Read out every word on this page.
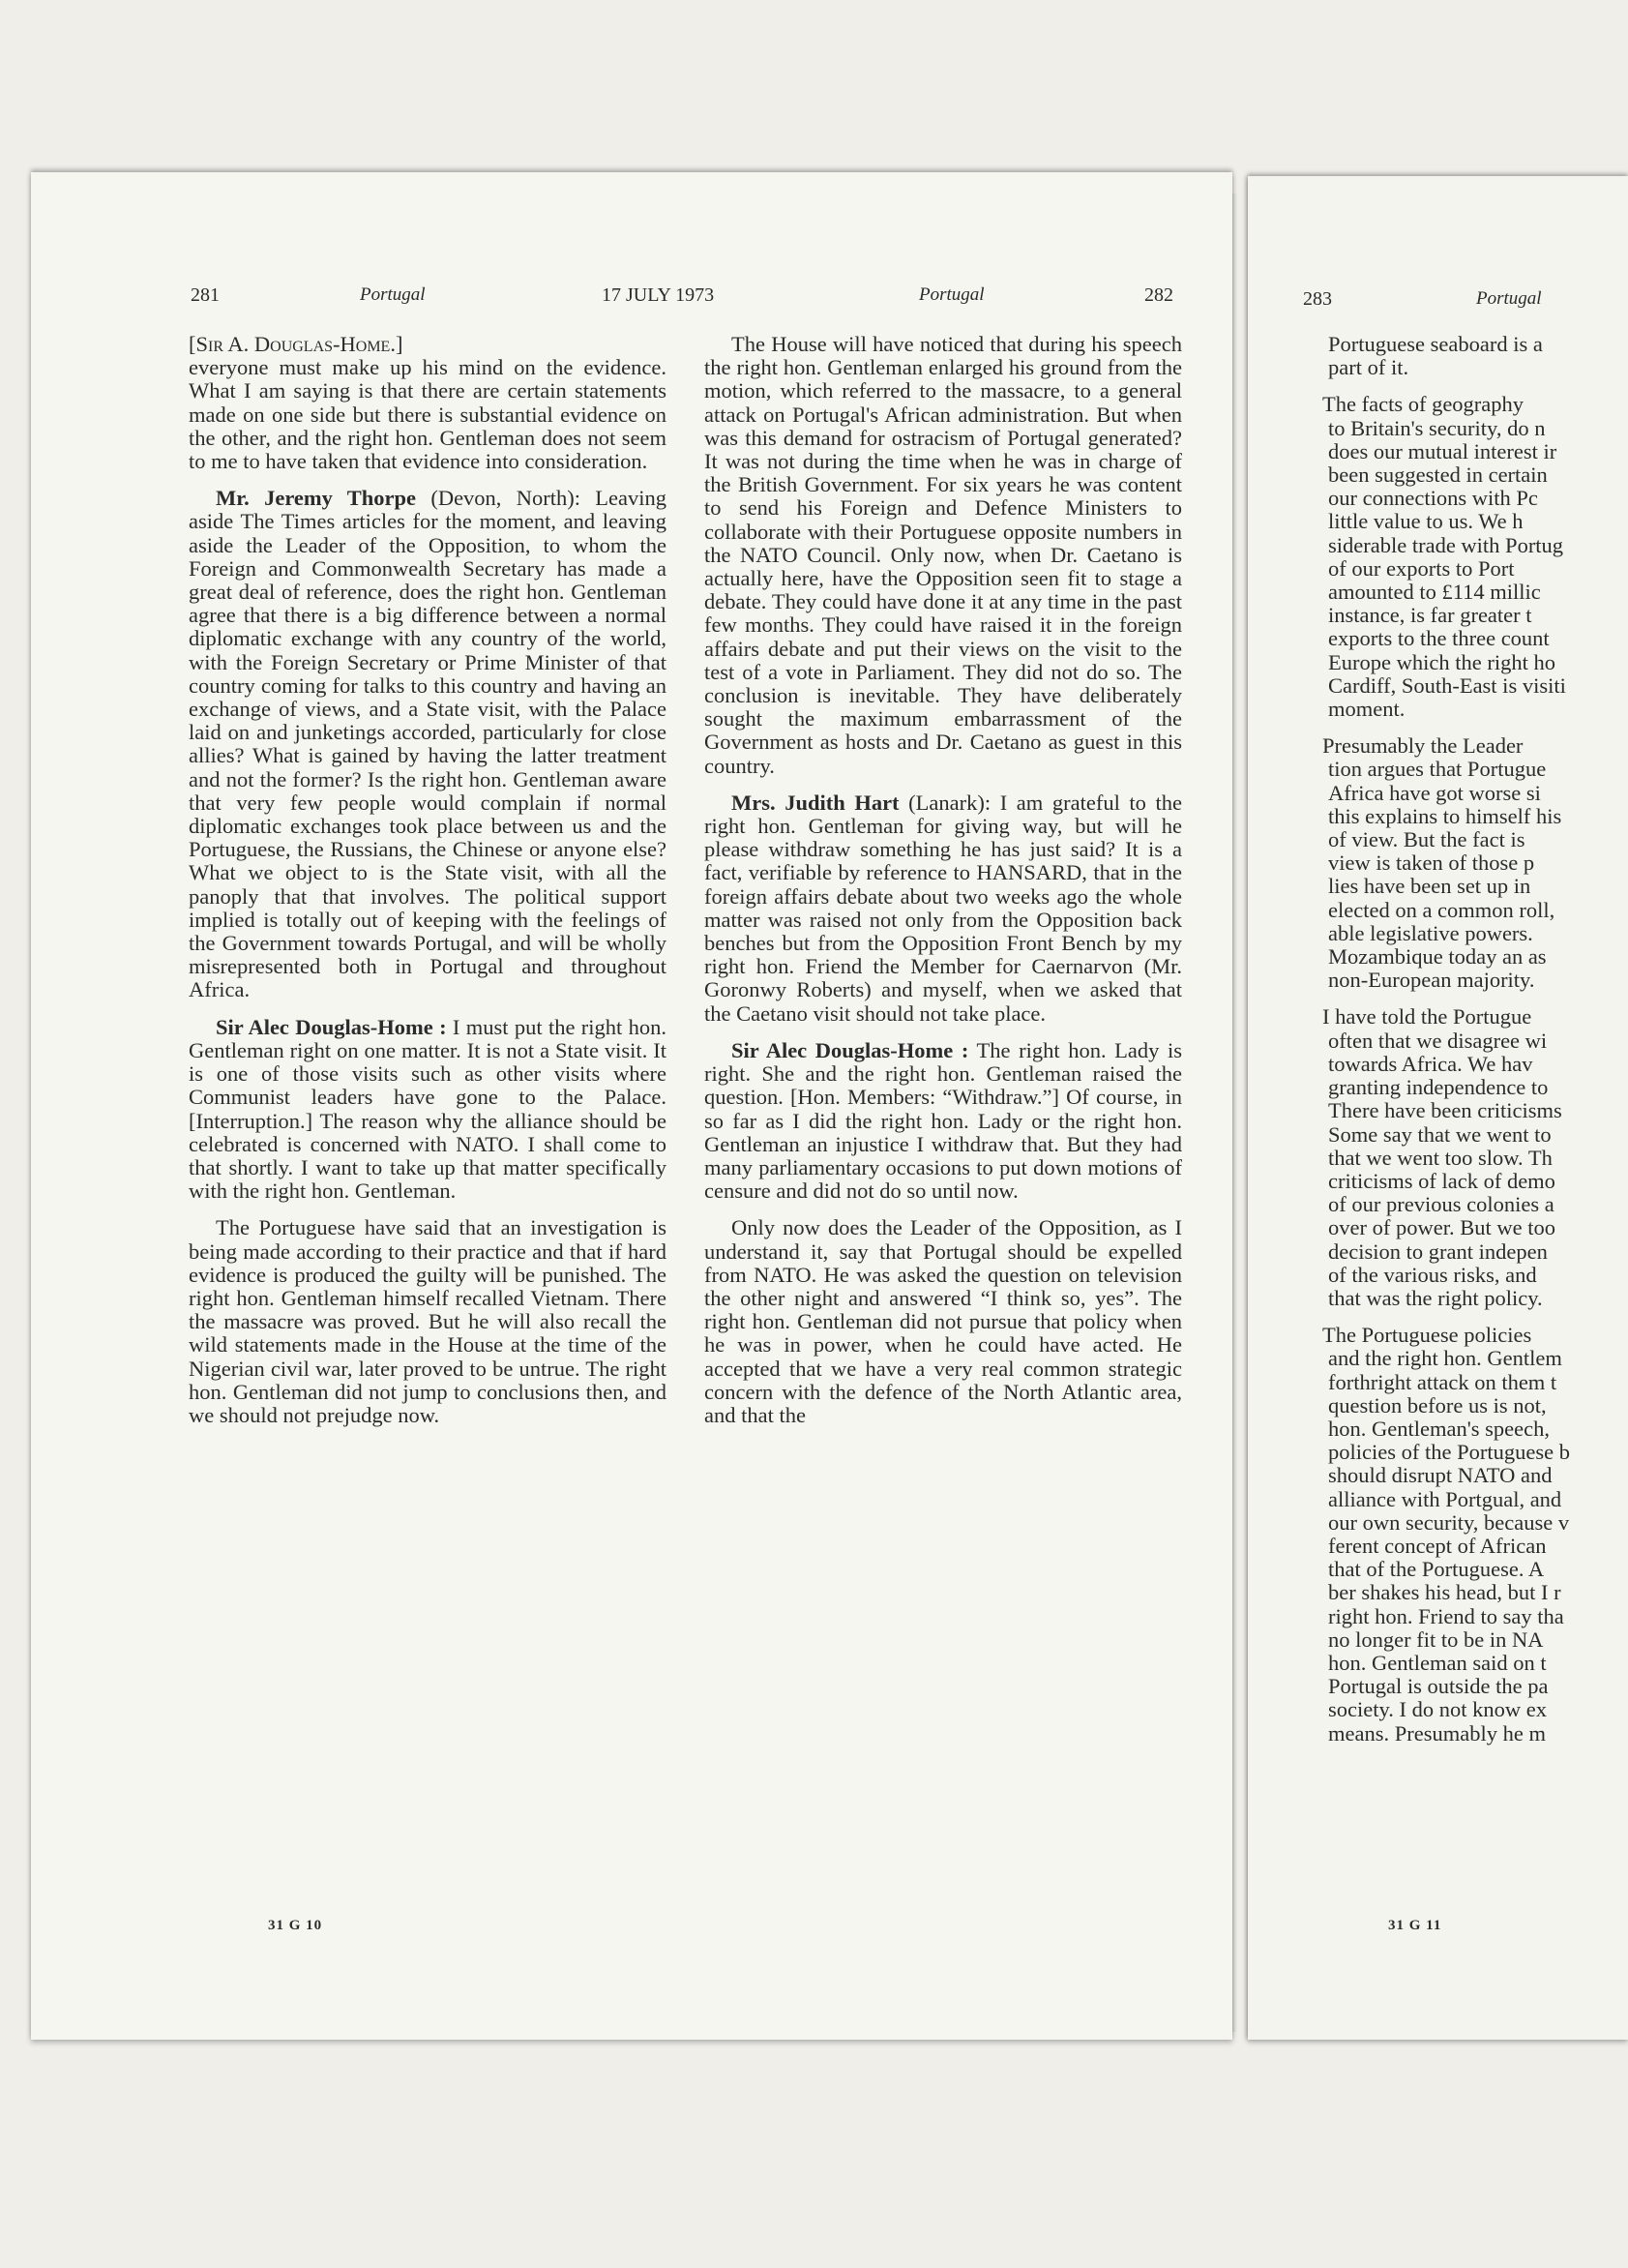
281	Portugal	17 JULY 1973	Portugal	282

[Sir A. Douglas-Home.]

everyone must make up his mind on the evidence. What I am saying is that there are certain statements made on one side but there is substantial evidence on the other, and the right hon. Gentleman does not seem to me to have taken that evidence into consideration.

Mr. Jeremy Thorpe (Devon, North): Leaving aside The Times articles for the moment, and leaving aside the Leader of the Opposition, to whom the Foreign and Commonwealth Secretary has made a great deal of reference, does the right hon. Gentleman agree that there is a big difference between a normal diplomatic exchange with any country of the world, with the Foreign Secretary or Prime Minister of that country coming for talks to this country and having an exchange of views, and a State visit, with the Palace laid on and junketings accorded, particularly for close allies? What is gained by having the latter treatment and not the former? Is the right hon. Gentleman aware that very few people would complain if normal diplomatic exchanges took place between us and the Portuguese, the Russians, the Chinese or anyone else? What we object to is the State visit, with all the panoply that that involves. The political support implied is totally out of keeping with the feelings of the Government towards Portugal, and will be wholly misrepresented both in Portugal and throughout Africa.

Sir Alec Douglas-Home : I must put the right hon. Gentleman right on one matter. It is not a State visit. It is one of those visits such as other visits where Communist leaders have gone to the Palace. [Interruption.] The reason why the alliance should be celebrated is concerned with NATO. I shall come to that shortly. I want to take up that matter specifically with the right hon. Gentleman.

The Portuguese have said that an investigation is being made according to their practice and that if hard evidence is produced the guilty will be punished. The right hon. Gentleman himself recalled Vietnam. There the massacre was proved. But he will also recall the wild statements made in the House at the time of the Nigerian civil war, later proved to be untrue. The right hon. Gentleman did not jump to conclusions then, and we should not prejudge now.

The House will have noticed that during his speech the right hon. Gentleman enlarged his ground from the motion, which referred to the massacre, to a general attack on Portugal's African administration. But when was this demand for ostracism of Portugal generated? It was not during the time when he was in charge of the British Government. For six years he was content to send his Foreign and Defence Ministers to collaborate with their Portuguese opposite numbers in the NATO Council. Only now, when Dr. Caetano is actually here, have the Opposition seen fit to stage a debate. They could have done it at any time in the past few months. They could have raised it in the foreign affairs debate and put their views on the visit to the test of a vote in Parliament. They did not do so. The conclusion is inevitable. They have deliberately sought the maximum embarrassment of the Government as hosts and Dr. Caetano as guest in this country.

Mrs. Judith Hart (Lanark): I am grateful to the right hon. Gentleman for giving way, but will he please withdraw something he has just said? It is a fact, verifiable by reference to HANSARD, that in the foreign affairs debate about two weeks ago the whole matter was raised not only from the Opposition back benches but from the Opposition Front Bench by my right hon. Friend the Member for Caernarvon (Mr. Goronwy Roberts) and myself, when we asked that the Caetano visit should not take place.

Sir Alec Douglas-Home : The right hon. Lady is right. She and the right hon. Gentleman raised the question. [Hon. Members: “Withdraw.”] Of course, in so far as I did the right hon. Lady or the right hon. Gentleman an injustice I withdraw that. But they had many parliamentary occasions to put down motions of censure and did not do so until now.

Only now does the Leader of the Opposition, as I understand it, say that Portugal should be expelled from NATO. He was asked the question on television the other night and answered “I think so, yes”. The right hon. Gentleman did not pursue that policy when he was in power, when he could have acted. He accepted that we have a very real common strategic concern with the defence of the North Atlantic area, and that the

31 G 10
283	Portugal

Portuguese seaboard is a
part of it.

The facts of geography
to Britain's security, do n
does our mutual interest ir
been suggested in certain
our connections with Pc
little value to us. We h
siderable trade with Portug
of our exports to Port
amounted to £114 millic
instance, is far greater t
exports to the three count
Europe which the right ho
Cardiff, South-East is visiti
moment.

Presumably the Leader
tion argues that Portugue
Africa have got worse si
this explains to himself his
of view. But the fact is
view is taken of those p
lies have been set up in
elected on a common roll,
able legislative powers.
Mozambique today an as
non-European majority.

I have told the Portugue
often that we disagree wi
towards Africa. We hav
granting independence to
There have been criticisms
Some say that we went to
that we went too slow. Th
criticisms of lack of demo
of our previous colonies a
over of power. But we too
decision to grant indepen
of the various risks, and
that was the right policy.

The Portuguese policies
and the right hon. Gentlem
forthright attack on them t
question before us is not,
hon. Gentleman's speech,
policies of the Portuguese b
should disrupt NATO and
alliance with Portgual, and
our own security, because v
ferent concept of African
that of the Portuguese. A
ber shakes his head, but I r
right hon. Friend to say tha
no longer fit to be in NA
hon. Gentleman said on t
Portugal is outside the pa
society. I do not know ex
means. Presumably he m

31 G 11
